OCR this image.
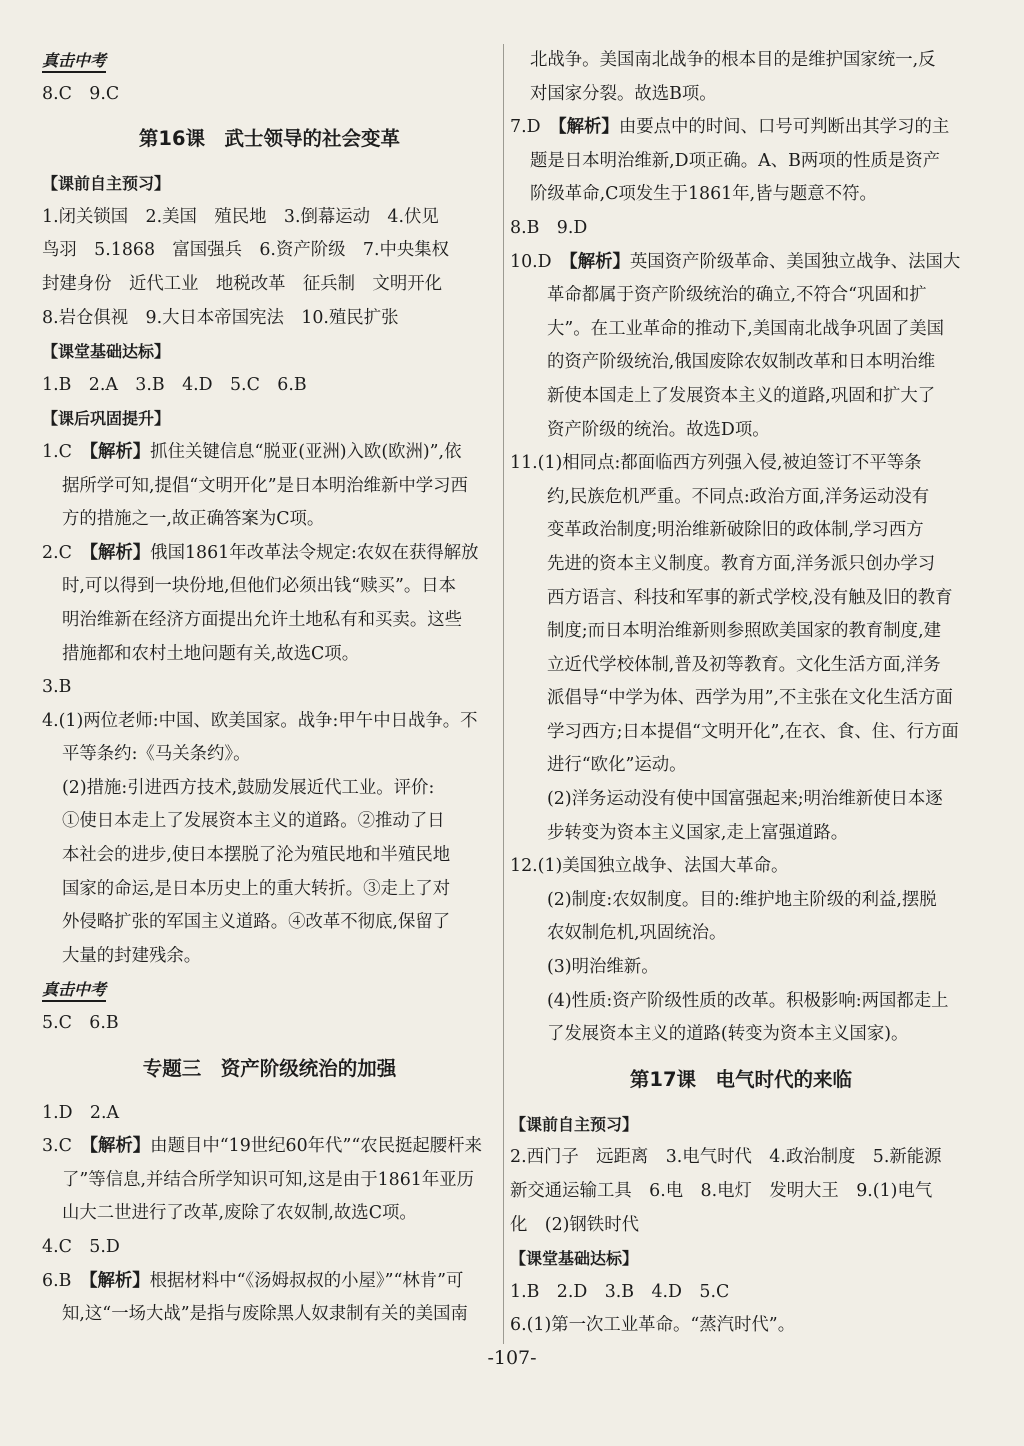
真击中考
8.C　9.C
第16课　武士领导的社会变革
【课前自主预习】
1.闭关锁国　2.美国　殖民地　3.倒幕运动　4.伏见
鸟羽　5.1868　富国强兵　6.资产阶级　7.中央集权
封建身份　近代工业　地税改革　征兵制　文明开化
8.岩仓俱视　9.大日本帝国宪法　10.殖民扩张
【课堂基础达标】
1.B　2.A　3.B　4.D　5.C　6.B
【课后巩固提升】
1.C　【解析】抓住关键信息“脱亚(亚洲)入欧(欧洲)”,依
据所学可知,提倡“文明开化”是日本明治维新中学习西
方的措施之一,故正确答案为C项。
2.C　【解析】俄国1861年改革法令规定:农奴在获得解放
时,可以得到一块份地,但他们必须出钱“赎买”。日本
明治维新在经济方面提出允许土地私有和买卖。这些
措施都和农村土地问题有关,故选C项。
3.B
4.(1)两位老师:中国、欧美国家。战争:甲午中日战争。不
平等条约:《马关条约》。
(2)措施:引进西方技术,鼓励发展近代工业。评价:
①使日本走上了发展资本主义的道路。②推动了日
本社会的进步,使日本摆脱了沦为殖民地和半殖民地
国家的命运,是日本历史上的重大转折。③走上了对
外侵略扩张的军国主义道路。④改革不彻底,保留了
大量的封建残余。
真击中考
5.C　6.B
专题三　资产阶级统治的加强
1.D　2.A
3.C　【解析】由题目中“19世纪60年代”“农民挺起腰杆来
了”等信息,并结合所学知识可知,这是由于1861年亚历
山大二世进行了改革,废除了农奴制,故选C项。
4.C　5.D
6.B　【解析】根据材料中“《汤姆叔叔的小屋》”“林肯”可
知,这“一场大战”是指与废除黑人奴隶制有关的美国南
北战争。美国南北战争的根本目的是维护国家统一,反
对国家分裂。故选B项。
7.D　【解析】由要点中的时间、口号可判断出其学习的主
题是日本明治维新,D项正确。A、B两项的性质是资产
阶级革命,C项发生于1861年,皆与题意不符。
8.B　9.D
10.D　【解析】英国资产阶级革命、美国独立战争、法国大
革命都属于资产阶级统治的确立,不符合“巩固和扩
大”。在工业革命的推动下,美国南北战争巩固了美国
的资产阶级统治,俄国废除农奴制改革和日本明治维
新使本国走上了发展资本主义的道路,巩固和扩大了
资产阶级的统治。故选D项。
11.(1)相同点:都面临西方列强入侵,被迫签订不平等条
约,民族危机严重。不同点:政治方面,洋务运动没有
变革政治制度;明治维新破除旧的政体制,学习西方
先进的资本主义制度。教育方面,洋务派只创办学习
西方语言、科技和军事的新式学校,没有触及旧的教育
制度;而日本明治维新则参照欧美国家的教育制度,建
立近代学校体制,普及初等教育。文化生活方面,洋务
派倡导“中学为体、西学为用”,不主张在文化生活方面
学习西方;日本提倡“文明开化”,在衣、食、住、行方面
进行“欧化”运动。
(2)洋务运动没有使中国富强起来;明治维新使日本逐
步转变为资本主义国家,走上富强道路。
12.(1)美国独立战争、法国大革命。
(2)制度:农奴制度。目的:维护地主阶级的利益,摆脱
农奴制危机,巩固统治。
(3)明治维新。
(4)性质:资产阶级性质的改革。积极影响:两国都走上
了发展资本主义的道路(转变为资本主义国家)。
第17课　电气时代的来临
【课前自主预习】
2.西门子　远距离　3.电气时代　4.政治制度　5.新能源
新交通运输工具　6.电　8.电灯　发明大王　9.(1)电气
化　(2)钢铁时代
【课堂基础达标】
1.B　2.D　3.B　4.D　5.C
6.(1)第一次工业革命。“蒸汽时代”。
-107-
